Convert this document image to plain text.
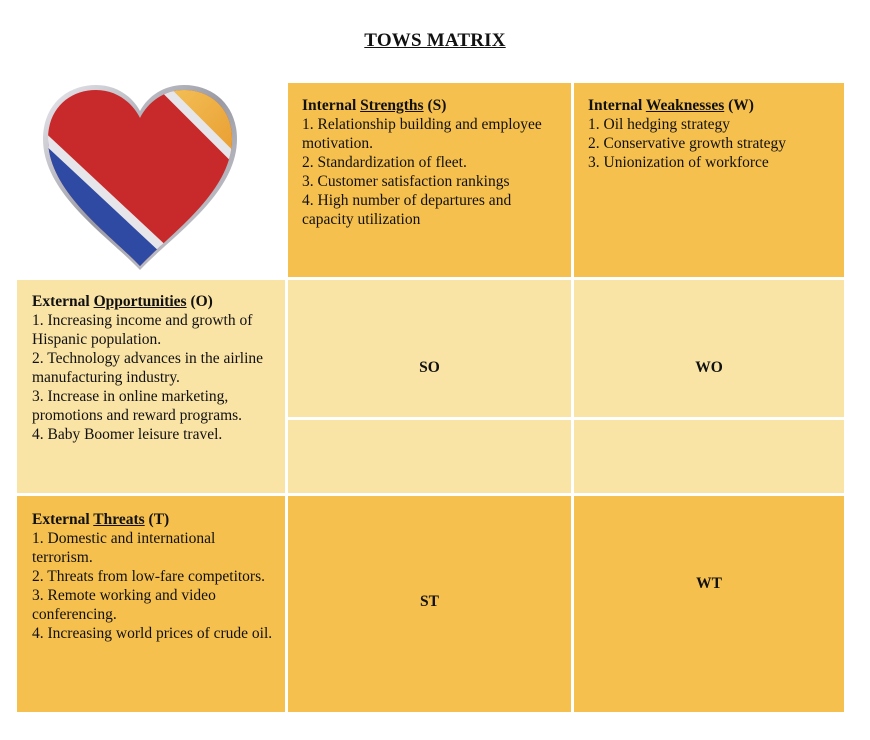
TOWS MATRIX
Internal Strengths (S)
1. Relationship building and employee motivation.
2. Standardization of fleet.
3. Customer satisfaction rankings
4. High number of departures and capacity utilization
Internal Weaknesses (W)
1. Oil hedging strategy
2. Conservative growth strategy
3. Unionization of workforce
External Opportunities (O)
1. Increasing income and growth of Hispanic population.
2. Technology advances in the airline manufacturing industry.
3. Increase in online marketing, promotions and reward programs.
4. Baby Boomer leisure travel.
SO	WO
External Threats (T)
1. Domestic and international terrorism.
2. Threats from low-fare competitors.
3. Remote working and video conferencing.
4. Increasing world prices of crude oil.
ST
WT
